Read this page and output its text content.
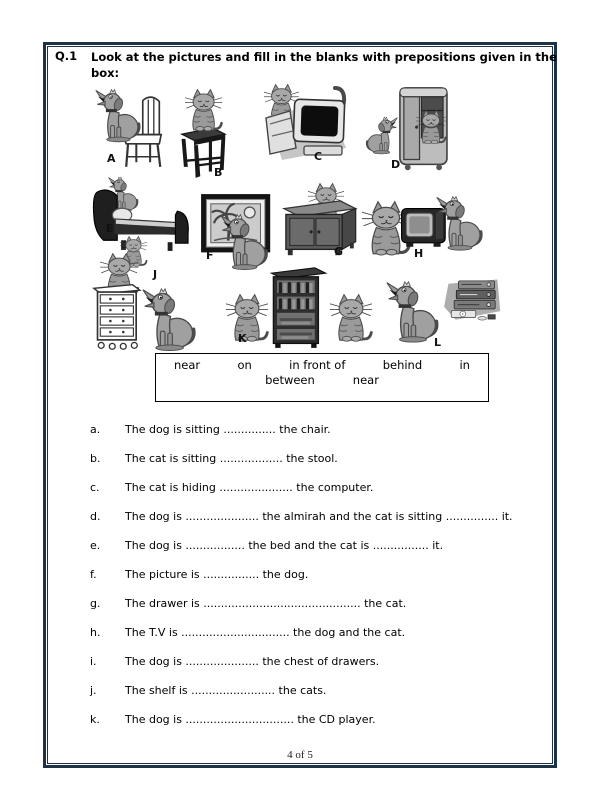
Q.1 Look at the pictures and fill in the blanks with prepositions given in the
box:
A
B
C
D
E
F	G	H
J
K	L
near	on	in front of	behind	in
between	near
a. The dog is sitting ............... the chair.
b. The cat is sitting .................. the stool.
c. The cat is hiding ..................... the computer.
d. The dog is ..................... the almirah and the cat is sitting ............... it.
e. The dog is ................. the bed and the cat is ................ it.
f.	The picture is ................ the dog.
g. The drawer is ............................................. the cat.
h. The T.V is ............................... the dog and the cat.
i.	The dog is ..................... the chest of drawers.
j.	The shelf is ........................ the cats.
k. The dog is ............................... the CD player.
4 of 5
